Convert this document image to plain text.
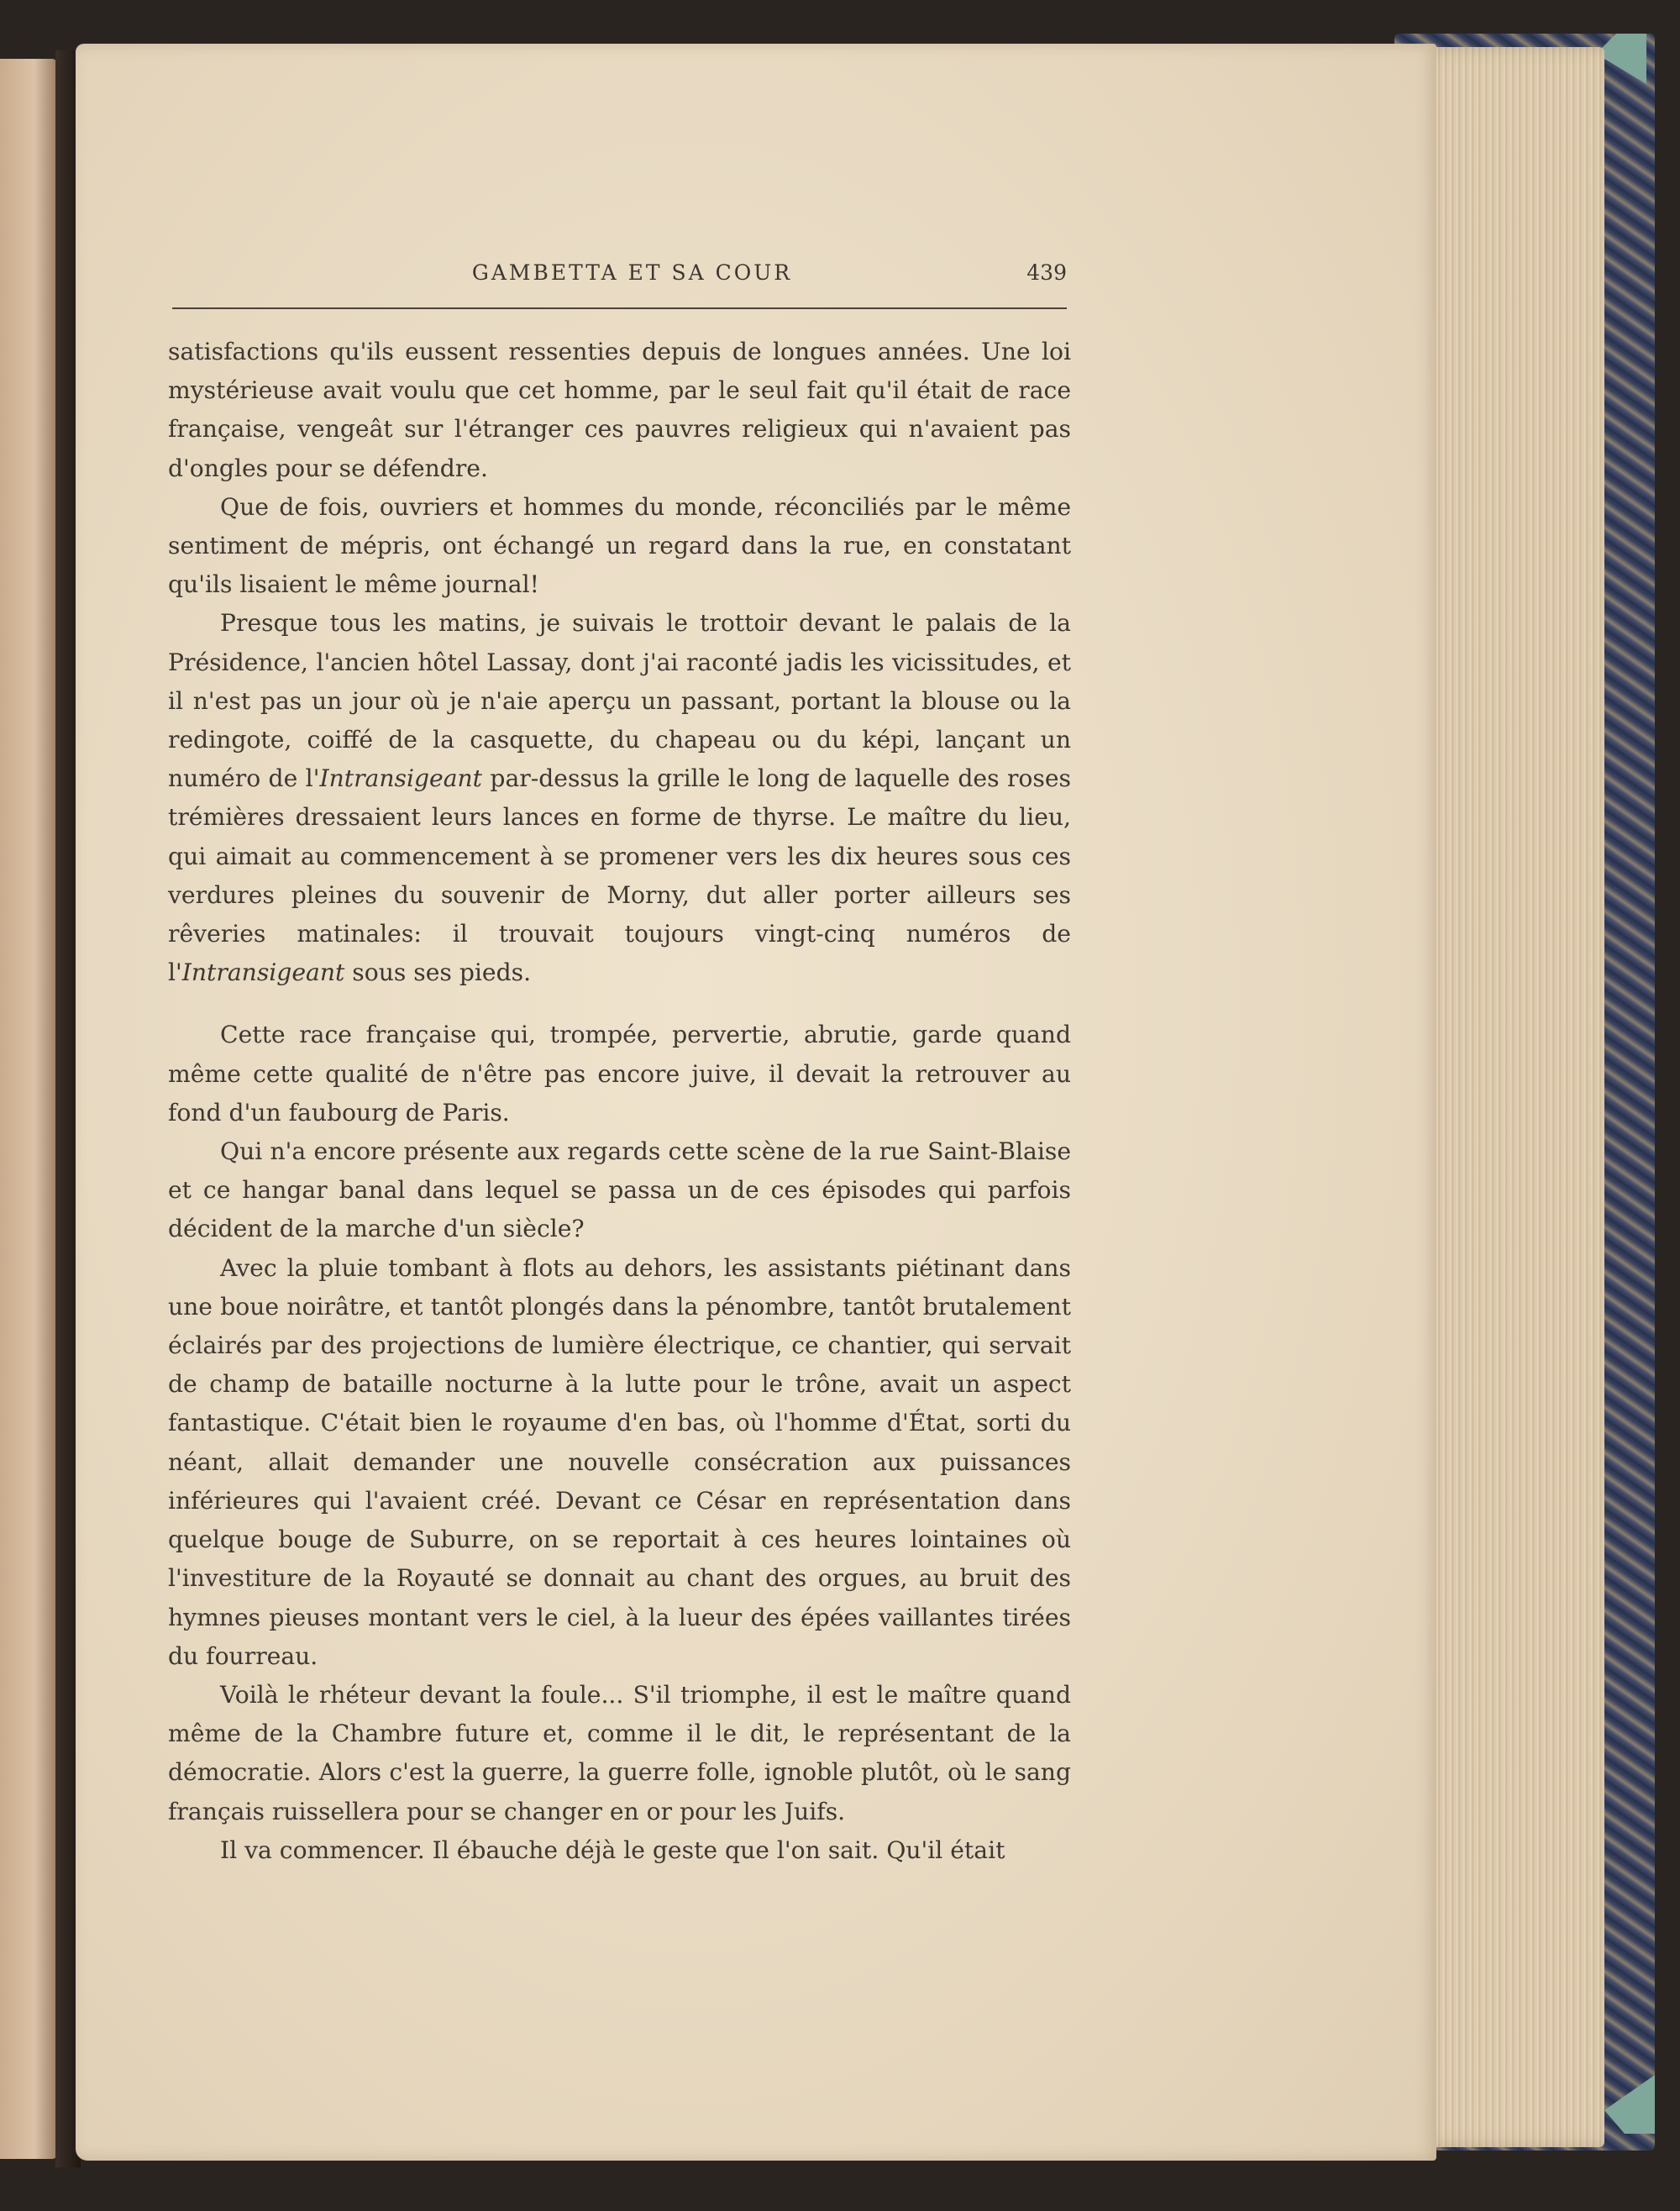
GAMBETTA ET SA COUR	439

satisfactions qu'ils eussent ressenties depuis de longues années. Une loi mystérieuse avait voulu que cet homme, par le seul fait qu'il était de race française, vengeât sur l'étranger ces pauvres religieux qui n'avaient pas d'ongles pour se défendre.

Que de fois, ouvriers et hommes du monde, réconciliés par le même sentiment de mépris, ont échangé un regard dans la rue, en constatant qu'ils lisaient le même journal!

Presque tous les matins, je suivais le trottoir devant le palais de la Présidence, l'ancien hôtel Lassay, dont j'ai raconté jadis les vicissitudes, et il n'est pas un jour où je n'aie aperçu un passant, portant la blouse ou la redingote, coiffé de la casquette, du chapeau ou du képi, lançant un numéro de l'Intransigeant par-dessus la grille le long de laquelle des roses trémières dressaient leurs lances en forme de thyrse. Le maître du lieu, qui aimait au commencement à se promener vers les dix heures sous ces verdures pleines du souvenir de Morny, dut aller porter ailleurs ses rêveries matinales: il trouvait toujours vingt-cinq numéros de l'Intransigeant sous ses pieds.

Cette race française qui, trompée, pervertie, abrutie, garde quand même cette qualité de n'être pas encore juive, il devait la retrouver au fond d'un faubourg de Paris.

Qui n'a encore présente aux regards cette scène de la rue Saint-Blaise et ce hangar banal dans lequel se passa un de ces épisodes qui parfois décident de la marche d'un siècle?

Avec la pluie tombant à flots au dehors, les assistants piétinant dans une boue noirâtre, et tantôt plongés dans la pénombre, tantôt brutalement éclairés par des projections de lumière électrique, ce chantier, qui servait de champ de bataille nocturne à la lutte pour le trône, avait un aspect fantastique. C'était bien le royaume d'en bas, où l'homme d'État, sorti du néant, allait demander une nouvelle consécration aux puissances inférieures qui l'avaient créé. Devant ce César en représentation dans quelque bouge de Suburre, on se reportait à ces heures lointaines où l'investiture de la Royauté se donnait au chant des orgues, au bruit des hymnes pieuses montant vers le ciel, à la lueur des épées vaillantes tirées du fourreau.

Voilà le rhéteur devant la foule... S'il triomphe, il est le maître quand même de la Chambre future et, comme il le dit, le représentant de la démocratie. Alors c'est la guerre, la guerre folle, ignoble plutôt, où le sang français ruissellera pour se changer en or pour les Juifs.

Il va commencer. Il ébauche déjà le geste que l'on sait. Qu'il était
